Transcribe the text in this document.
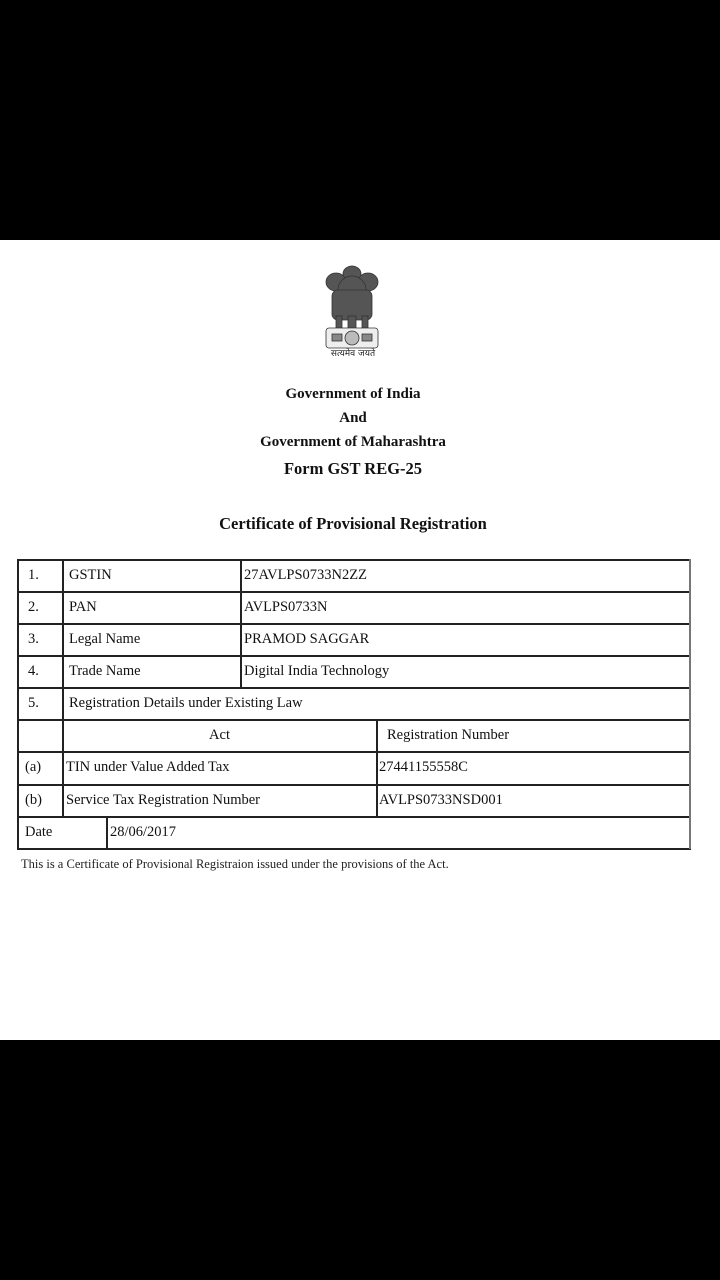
सत्यमेव जयते
Government of India
And
Government of Maharashtra
Form GST REG-25
Certificate of Provisional Registration
1. GSTIN	27AVLPS0733N2ZZ
2. PAN	AVLPS0733N
3. Legal Name	PRAMOD SAGGAR
4. Trade Name	Digital India Technology
5. Registration Details under Existing Law
Act	Registration Number
(a) TIN under Value Added Tax	27441155558C
(b) Service Tax Registration Number	AVLPS0733NSD001
Date	28/06/2017
This is a Certificate of Provisional Registraion issued under the provisions of the Act.
